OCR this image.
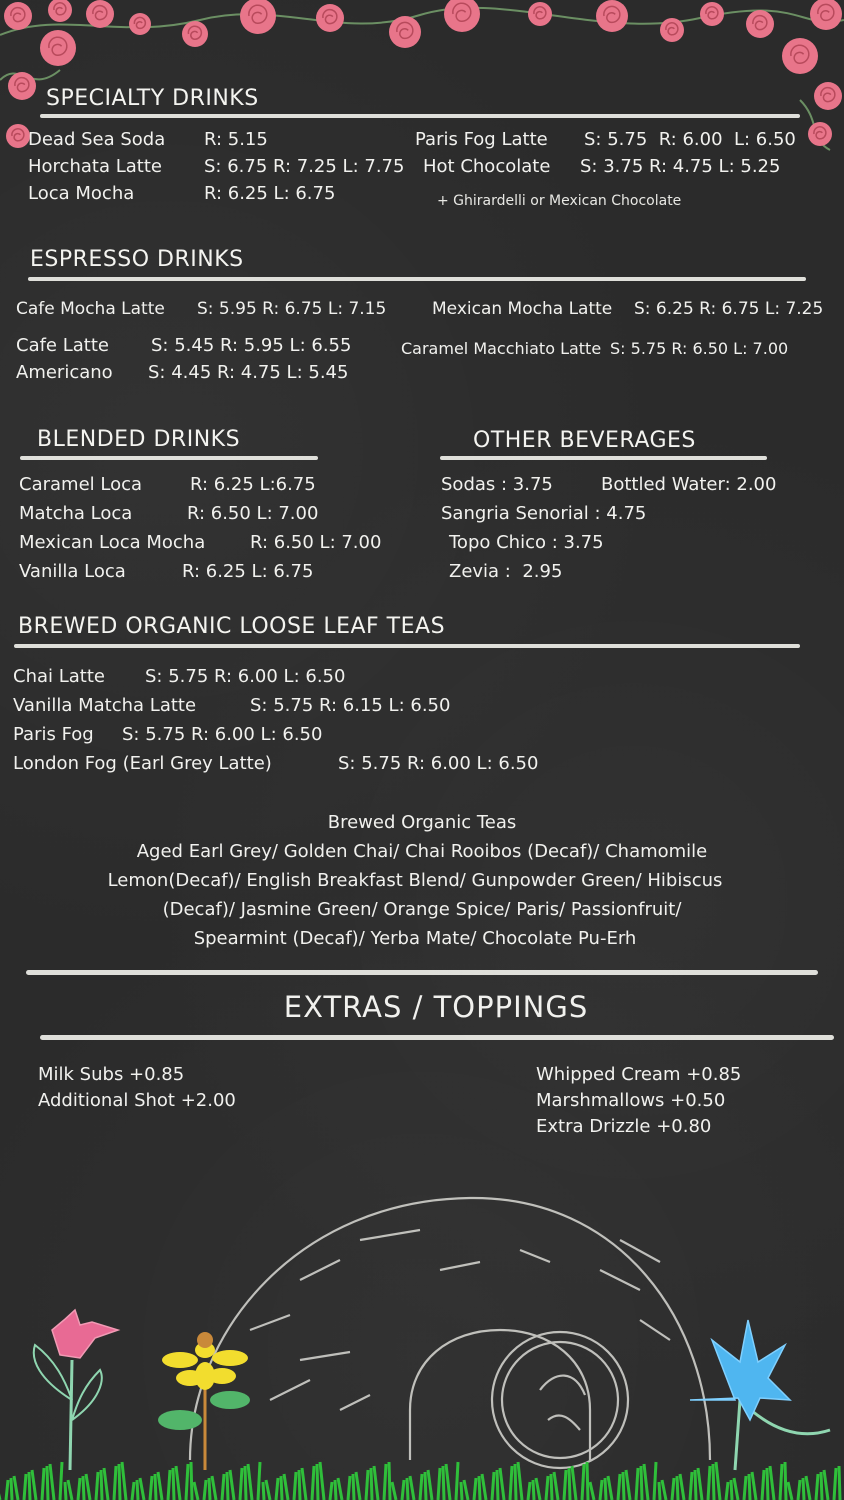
SPECIALTY DRINKS
Dead Sea Soda R: 5.15
Horchata Latte S: 6.75 R: 7.25 L: 7.75
Loca Mocha	R: 6.25 L: 6.75
Paris Fog Latte S: 5.75  R: 6.00  L: 6.50
Hot Chocolate S: 3.75 R: 4.75 L: 5.25
+ Ghirardelli or Mexican Chocolate
ESPRESSO DRINKS
Cafe Mocha Latte S: 5.95 R: 6.75 L: 7.15	Mexican Mocha Latte S: 6.25 R: 6.75 L: 7.25
Cafe Latte S: 5.45 R: 5.95 L: 6.55	Caramel Macchiato Latte S: 5.75 R: 6.50 L: 7.00
Americano S: 4.45 R: 4.75 L: 5.45
BLENDED DRINKS
Caramel Loca	R: 6.25 L:6.75
Matcha Loca	R: 6.50 L: 7.00
Mexican Loca Mocha R: 6.50 L: 7.00
Vanilla Loca	R: 6.25 L: 6.75
OTHER BEVERAGES
Sodas : 3.75	Bottled Water: 2.00
Sangria Senorial : 4.75
Topo Chico : 3.75
Zevia :  2.95
BREWED ORGANIC LOOSE LEAF TEAS
Chai Latte S: 5.75 R: 6.00 L: 6.50
Vanilla Matcha Latte	S: 5.75 R: 6.15 L: 6.50
Paris Fog S: 5.75 R: 6.00 L: 6.50
London Fog (Earl Grey Latte)	S: 5.75 R: 6.00 L: 6.50
Brewed Organic Teas
Aged Earl Grey/ Golden Chai/ Chai Rooibos (Decaf)/ Chamomile
Lemon(Decaf)/ English Breakfast Blend/ Gunpowder Green/ Hibiscus
(Decaf)/ Jasmine Green/ Orange Spice/ Paris/ Passionfruit/
Spearmint (Decaf)/ Yerba Mate/ Chocolate Pu-Erh
EXTRAS / TOPPINGS
Milk Subs +0.85
Additional Shot +2.00
Whipped Cream +0.85
Marshmallows +0.50
Extra Drizzle +0.80
